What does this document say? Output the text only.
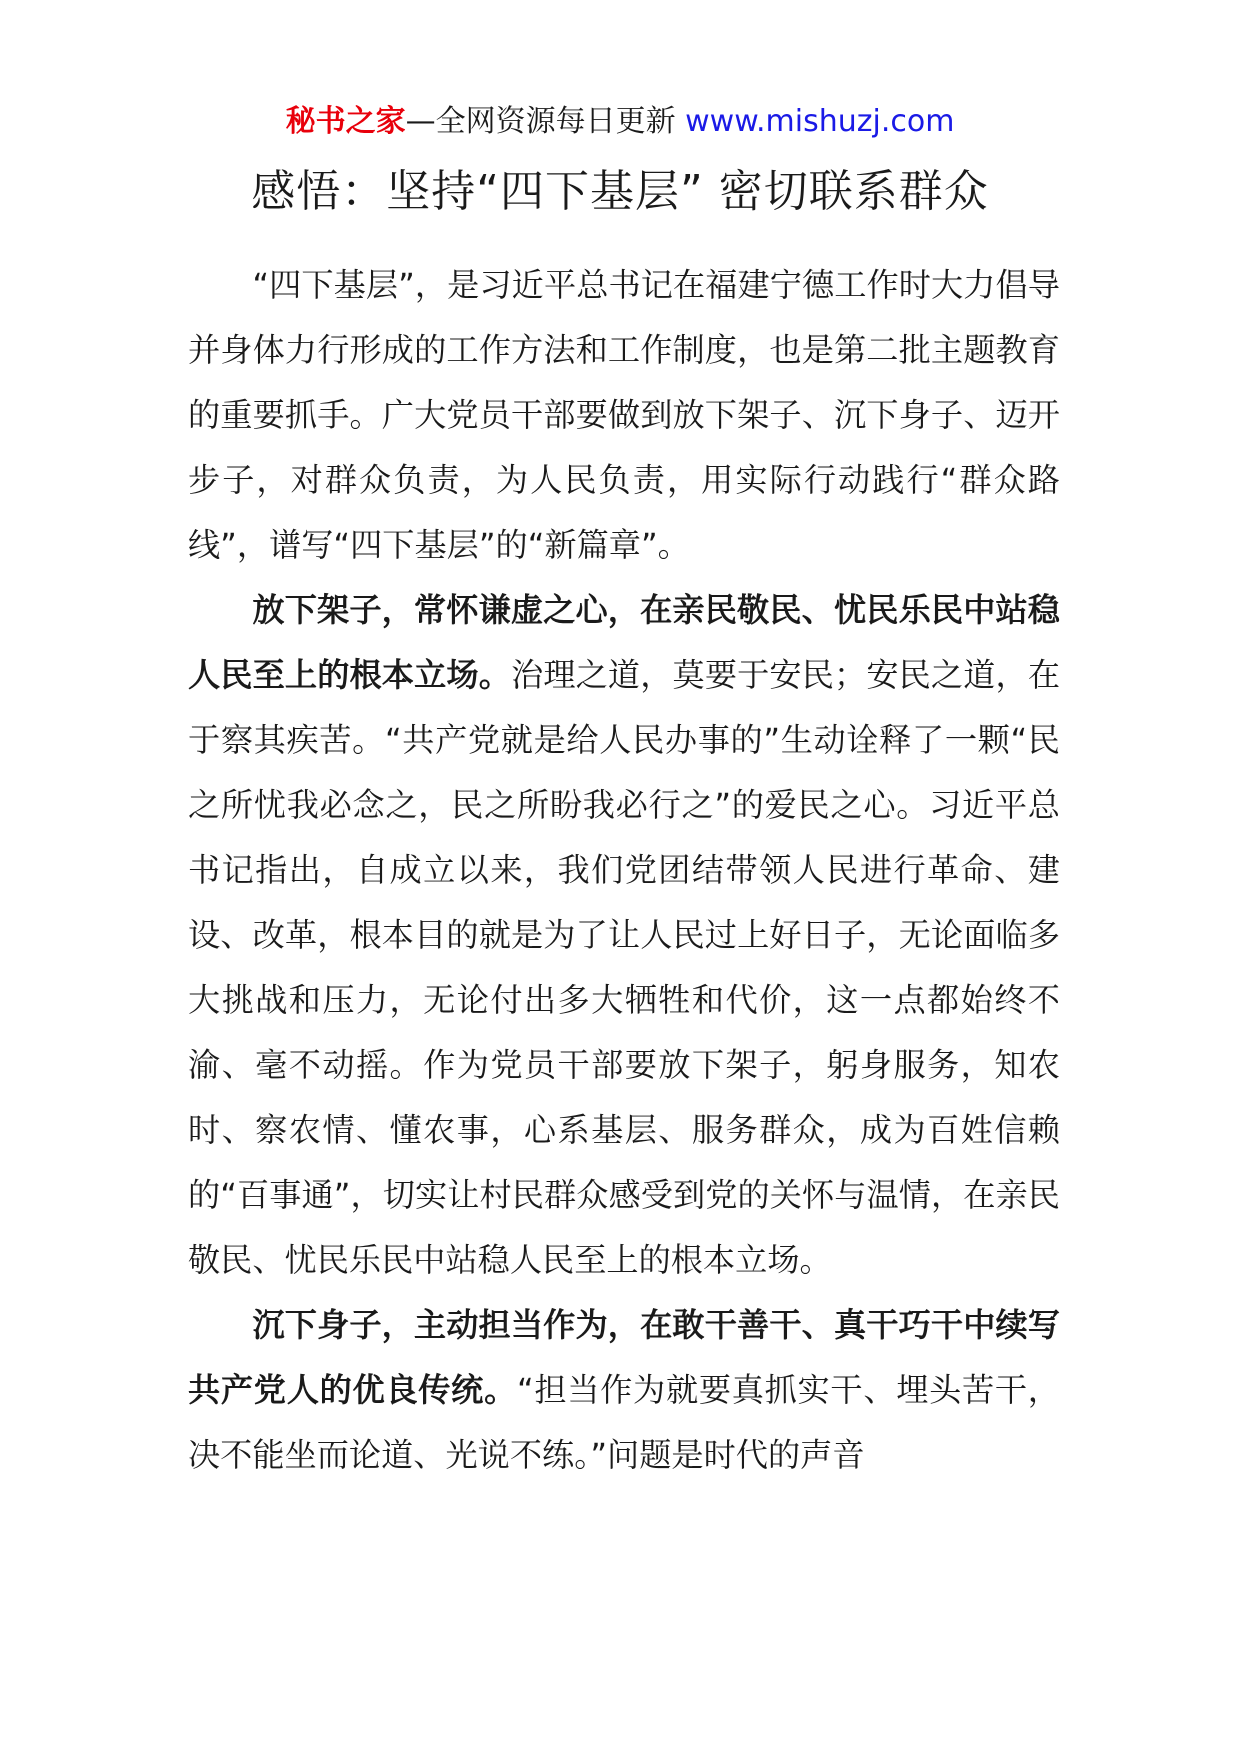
秘书之家—全网资源每日更新 www.mishuzj.com
感悟：坚持“四下基层” 密切联系群众

“四下基层”，是习近平总书记在福建宁德工作时大力倡导并身体力行形成的工作方法和工作制度，也是第二批主题教育的重要抓手。广大党员干部要做到放下架子、沉下身子、迈开步子，对群众负责，为人民负责，用实际行动践行“群众路线”，谱写“四下基层”的“新篇章”。

放下架子，常怀谦虚之心，在亲民敬民、忧民乐民中站稳人民至上的根本立场。治理之道，莫要于安民；安民之道，在于察其疾苦。“共产党就是给人民办事的”生动诠释了一颗“民之所忧我必念之，民之所盼我必行之”的爱民之心。习近平总书记指出，自成立以来，我们党团结带领人民进行革命、建设、改革，根本目的就是为了让人民过上好日子，无论面临多大挑战和压力，无论付出多大牺牲和代价，这一点都始终不渝、毫不动摇。作为党员干部要放下架子，躬身服务，知农时、察农情、懂农事，心系基层、服务群众，成为百姓信赖的“百事通”，切实让村民群众感受到党的关怀与温情，在亲民敬民、忧民乐民中站稳人民至上的根本立场。

沉下身子，主动担当作为，在敢干善干、真干巧干中续写共产党人的优良传统。“担当作为就要真抓实干、埋头苦干，决不能坐而论道、光说不练。”问题是时代的声音
